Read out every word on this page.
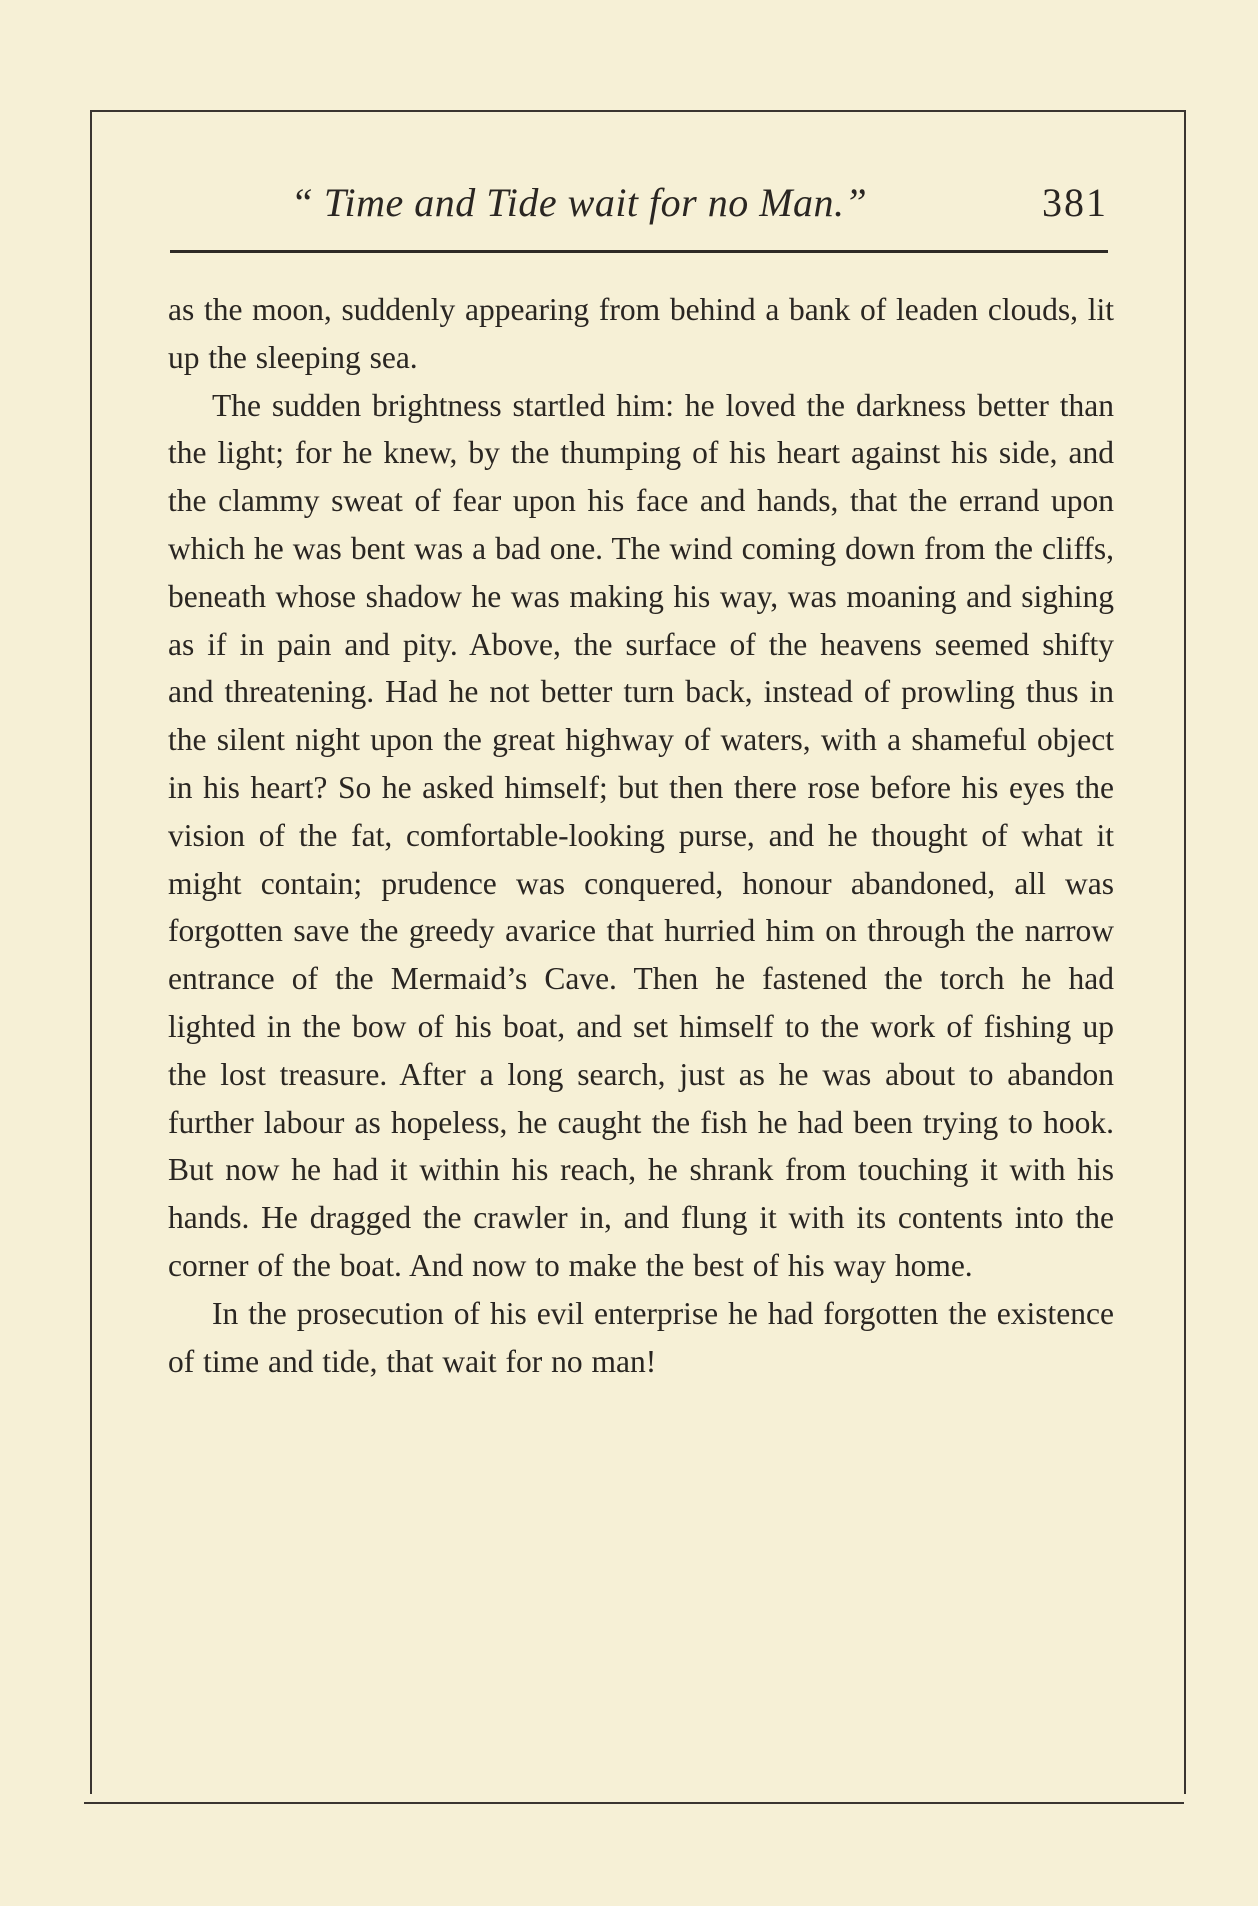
“ Time and Tide wait for no Man.”	381

as the moon, suddenly appearing from behind a bank of leaden clouds, lit up the sleeping sea.

The sudden brightness startled him: he loved the darkness better than the light; for he knew, by the thumping of his heart against his side, and the clammy sweat of fear upon his face and hands, that the errand upon which he was bent was a bad one. The wind coming down from the cliffs, beneath whose shadow he was making his way, was moaning and sighing as if in pain and pity. Above, the surface of the heavens seemed shifty and threatening. Had he not better turn back, instead of prowling thus in the silent night upon the great highway of waters, with a shameful object in his heart? So he asked himself; but then there rose before his eyes the vision of the fat, comfortable-looking purse, and he thought of what it might contain; prudence was conquered, honour abandoned, all was forgotten save the greedy avarice that hurried him on through the narrow entrance of the Mermaid’s Cave. Then he fastened the torch he had lighted in the bow of his boat, and set himself to the work of fishing up the lost treasure. After a long search, just as he was about to abandon further labour as hopeless, he caught the fish he had been trying to hook. But now he had it within his reach, he shrank from touching it with his hands. He dragged the crawler in, and flung it with its contents into the corner of the boat. And now to make the best of his way home.

In the prosecution of his evil enterprise he had forgotten the existence of time and tide, that wait for no man!
